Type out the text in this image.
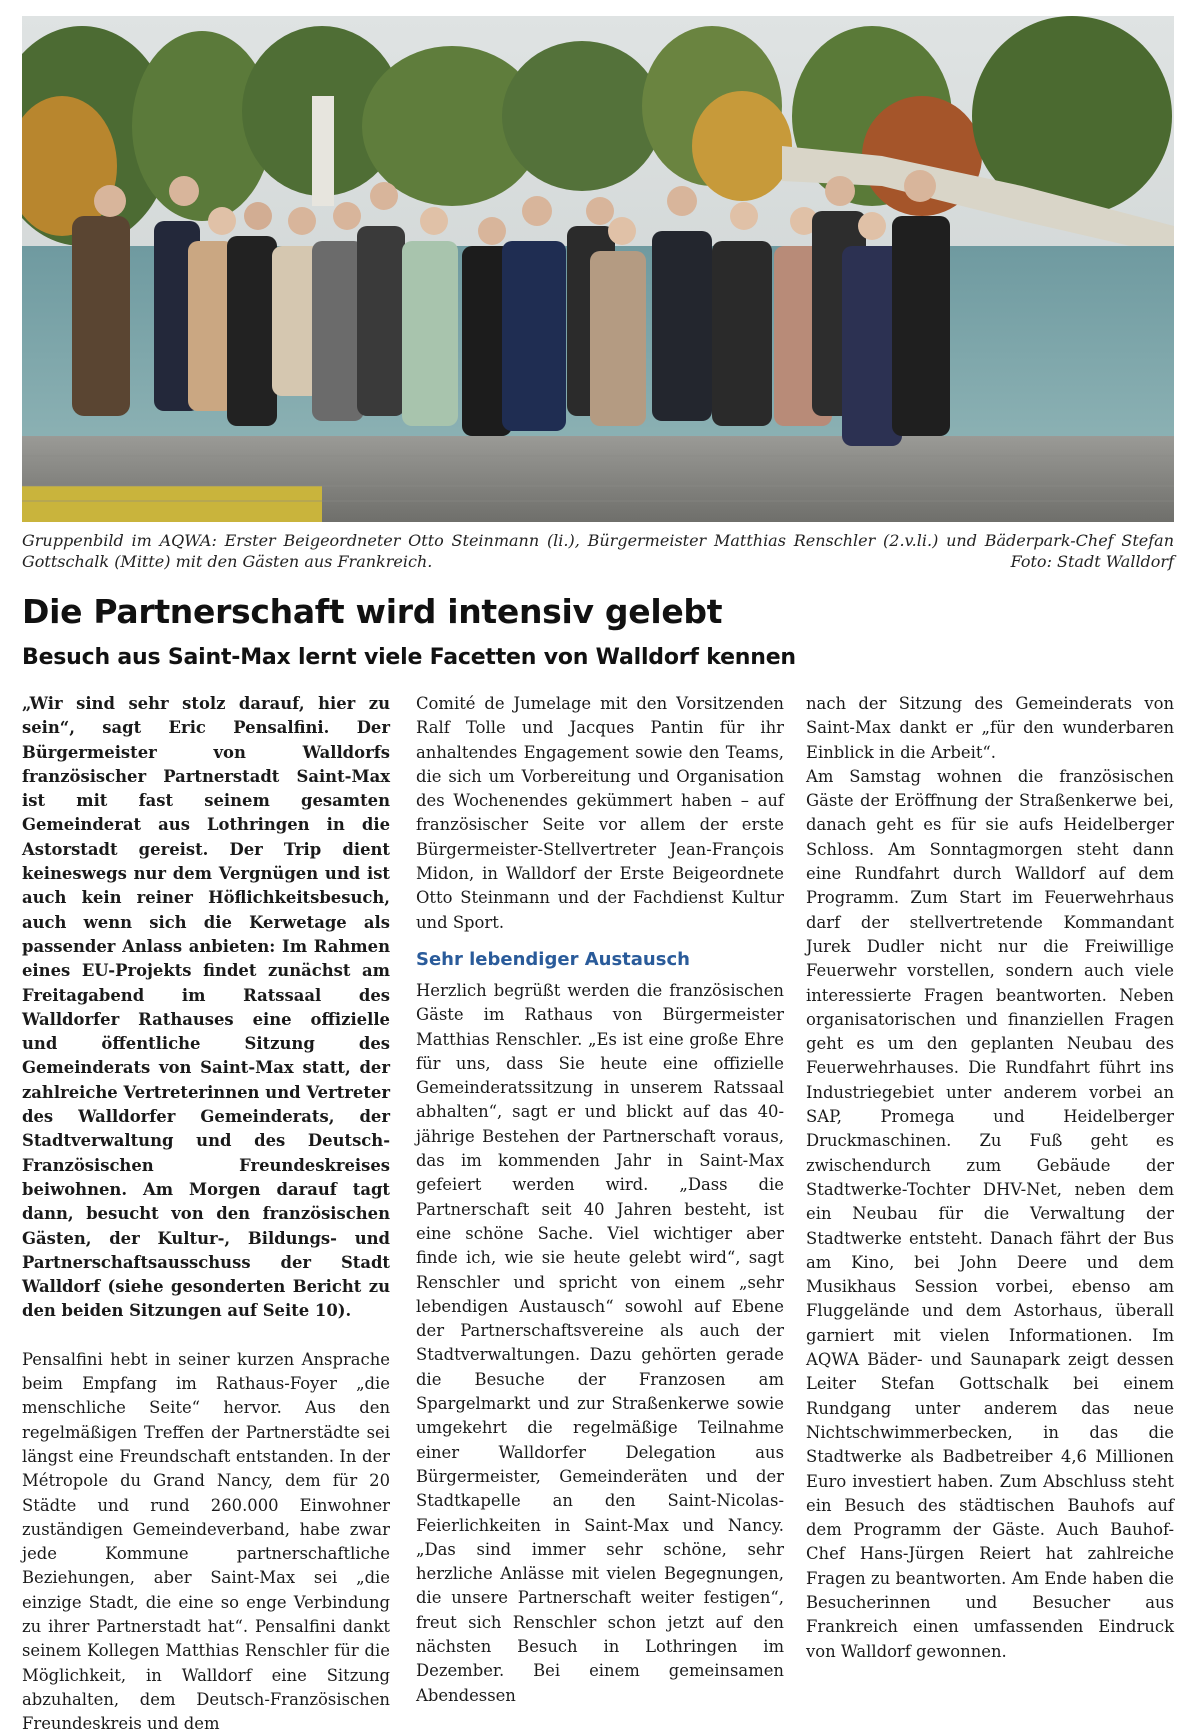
Gruppenbild im AQWA: Erster Beigeordneter Otto Steinmann (li.), Bürgermeister Matthias Renschler (2.v.li.) und Bäderpark-Chef Stefan Gottschalk (Mitte) mit den Gästen aus Frankreich.	Foto: Stadt Walldorf
Die Partnerschaft wird intensiv gelebt
Besuch aus Saint-Max lernt viele Facetten von Walldorf kennen

„Wir sind sehr stolz darauf, hier zu sein“, sagt Eric Pensalfini. Der Bürgermeister von Walldorfs französischer Partnerstadt Saint-Max ist mit fast seinem gesamten Gemeinderat aus Lothringen in die Astorstadt gereist. Der Trip dient keineswegs nur dem Vergnügen und ist auch kein reiner Höflichkeitsbesuch, auch wenn sich die Kerwetage als passender Anlass anbieten: Im Rahmen eines EU-Projekts findet zunächst am Freitagabend im Ratssaal des Walldorfer Rathauses eine offizielle und öffentliche Sitzung des Gemeinderats von Saint-Max statt, der zahlreiche Vertreterinnen und Vertreter des Walldorfer Gemeinderats, der Stadtverwaltung und des Deutsch-Französischen Freundeskreises beiwohnen. Am Morgen darauf tagt dann, besucht von den französischen Gästen, der Kultur-, Bildungs- und Partnerschaftsausschuss der Stadt Walldorf (siehe gesonderten Bericht zu den beiden Sitzungen auf Seite 10).

Pensalfini hebt in seiner kurzen Ansprache beim Empfang im Rathaus-Foyer „die menschliche Seite“ hervor. Aus den regelmäßigen Treffen der Partnerstädte sei längst eine Freundschaft entstanden. In der Métropole du Grand Nancy, dem für 20 Städte und rund 260.000 Einwohner zuständigen Gemeindeverband, habe zwar jede Kommune partnerschaftliche Beziehungen, aber Saint-Max sei „die einzige Stadt, die eine so enge Verbindung zu ihrer Partnerstadt hat“. Pensalfini dankt seinem Kollegen Matthias Renschler für die Möglichkeit, in Walldorf eine Sitzung abzuhalten, dem Deutsch-Französischen Freundeskreis und dem

Comité de Jumelage mit den Vorsitzenden Ralf Tolle und Jacques Pantin für ihr anhaltendes Engagement sowie den Teams, die sich um Vorbereitung und Organisation des Wochenendes gekümmert haben – auf französischer Seite vor allem der erste Bürgermeister-Stellvertreter Jean-François Midon, in Walldorf der Erste Beigeordnete Otto Steinmann und der Fachdienst Kultur und Sport.

Sehr lebendiger Austausch

Herzlich begrüßt werden die französischen Gäste im Rathaus von Bürgermeister Matthias Renschler. „Es ist eine große Ehre für uns, dass Sie heute eine offizielle Gemeinderatssitzung in unserem Ratssaal abhalten“, sagt er und blickt auf das 40-jährige Bestehen der Partnerschaft voraus, das im kommenden Jahr in Saint-Max gefeiert werden wird. „Dass die Partnerschaft seit 40 Jahren besteht, ist eine schöne Sache. Viel wichtiger aber finde ich, wie sie heute gelebt wird“, sagt Renschler und spricht von einem „sehr lebendigen Austausch“ sowohl auf Ebene der Partnerschaftsvereine als auch der Stadtverwaltungen. Dazu gehörten gerade die Besuche der Franzosen am Spargelmarkt und zur Straßenkerwe sowie umgekehrt die regelmäßige Teilnahme einer Walldorfer Delegation aus Bürgermeister, Gemeinderäten und der Stadtkapelle an den Saint-Nicolas-Feierlichkeiten in Saint-Max und Nancy. „Das sind immer sehr schöne, sehr herzliche Anlässe mit vielen Begegnungen, die unsere Partnerschaft weiter festigen“, freut sich Renschler schon jetzt auf den nächsten Besuch in Lothringen im Dezember. Bei einem gemeinsamen Abendessen

nach der Sitzung des Gemeinderats von Saint-Max dankt er „für den wunderbaren Einblick in die Arbeit“.

Am Samstag wohnen die französischen Gäste der Eröffnung der Straßenkerwe bei, danach geht es für sie aufs Heidelberger Schloss. Am Sonntagmorgen steht dann eine Rundfahrt durch Walldorf auf dem Programm. Zum Start im Feuerwehrhaus darf der stellvertretende Kommandant Jurek Dudler nicht nur die Freiwillige Feuerwehr vorstellen, sondern auch viele interessierte Fragen beantworten. Neben organisatorischen und finanziellen Fragen geht es um den geplanten Neubau des Feuerwehrhauses. Die Rundfahrt führt ins Industriegebiet unter anderem vorbei an SAP, Promega und Heidelberger Druckmaschinen. Zu Fuß geht es zwischendurch zum Gebäude der Stadtwerke-Tochter DHV-Net, neben dem ein Neubau für die Verwaltung der Stadtwerke entsteht. Danach fährt der Bus am Kino, bei John Deere und dem Musikhaus Session vorbei, ebenso am Fluggelände und dem Astorhaus, überall garniert mit vielen Informationen. Im AQWA Bäder- und Saunapark zeigt dessen Leiter Stefan Gottschalk bei einem Rundgang unter anderem das neue Nichtschwimmerbecken, in das die Stadtwerke als Badbetreiber 4,6 Millionen Euro investiert haben. Zum Abschluss steht ein Besuch des städtischen Bauhofs auf dem Programm der Gäste. Auch Bauhof-Chef Hans-Jürgen Reiert hat zahlreiche Fragen zu beantworten. Am Ende haben die Besucherinnen und Besucher aus Frankreich einen umfassenden Eindruck von Walldorf gewonnen.
